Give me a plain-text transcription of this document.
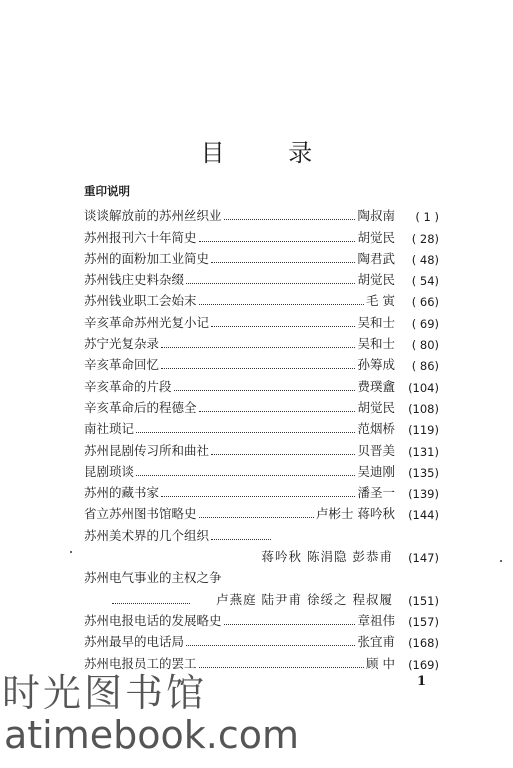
目 录
重印说明
谈谈解放前的苏州丝织业	陶叔南	( 1 )
苏州报刊六十年简史	胡觉民	( 28)
苏州的面粉加工业简史	陶君武	( 48)
苏州钱庄史料杂缀	胡觉民	( 54)
苏州钱业职工会始末	毛 寅	( 66)
辛亥革命苏州光复小记	吴和士	( 69)
苏宁光复杂录	吴和士	( 80)
辛亥革命回忆	孙筹成	( 86)
辛亥革命的片段	费璞盦	(104)
辛亥革命后的程德全	胡觉民	(108)
南社琐记	范烟桥	(119)
苏州昆剧传习所和曲社	贝晋美	(131)
昆剧琐谈	吴迪刚	(135)
苏州的藏书家	潘圣一	(139)
省立苏州图书馆略史	卢彬士 蒋吟秋	(144)
苏州美术界的几个组织
蒋吟秋 陈涓隐 彭恭甫	(147)
苏州电气事业的主权之争
卢燕庭 陆尹甫 徐绥之 程叔履	(151)
苏州电报电话的发展略史	章祖伟	(157)
苏州最早的电话局	张宜甫	(168)
苏州电报员工的罢工	顾 中	(169)
1
时光图书馆
atimebook.com
